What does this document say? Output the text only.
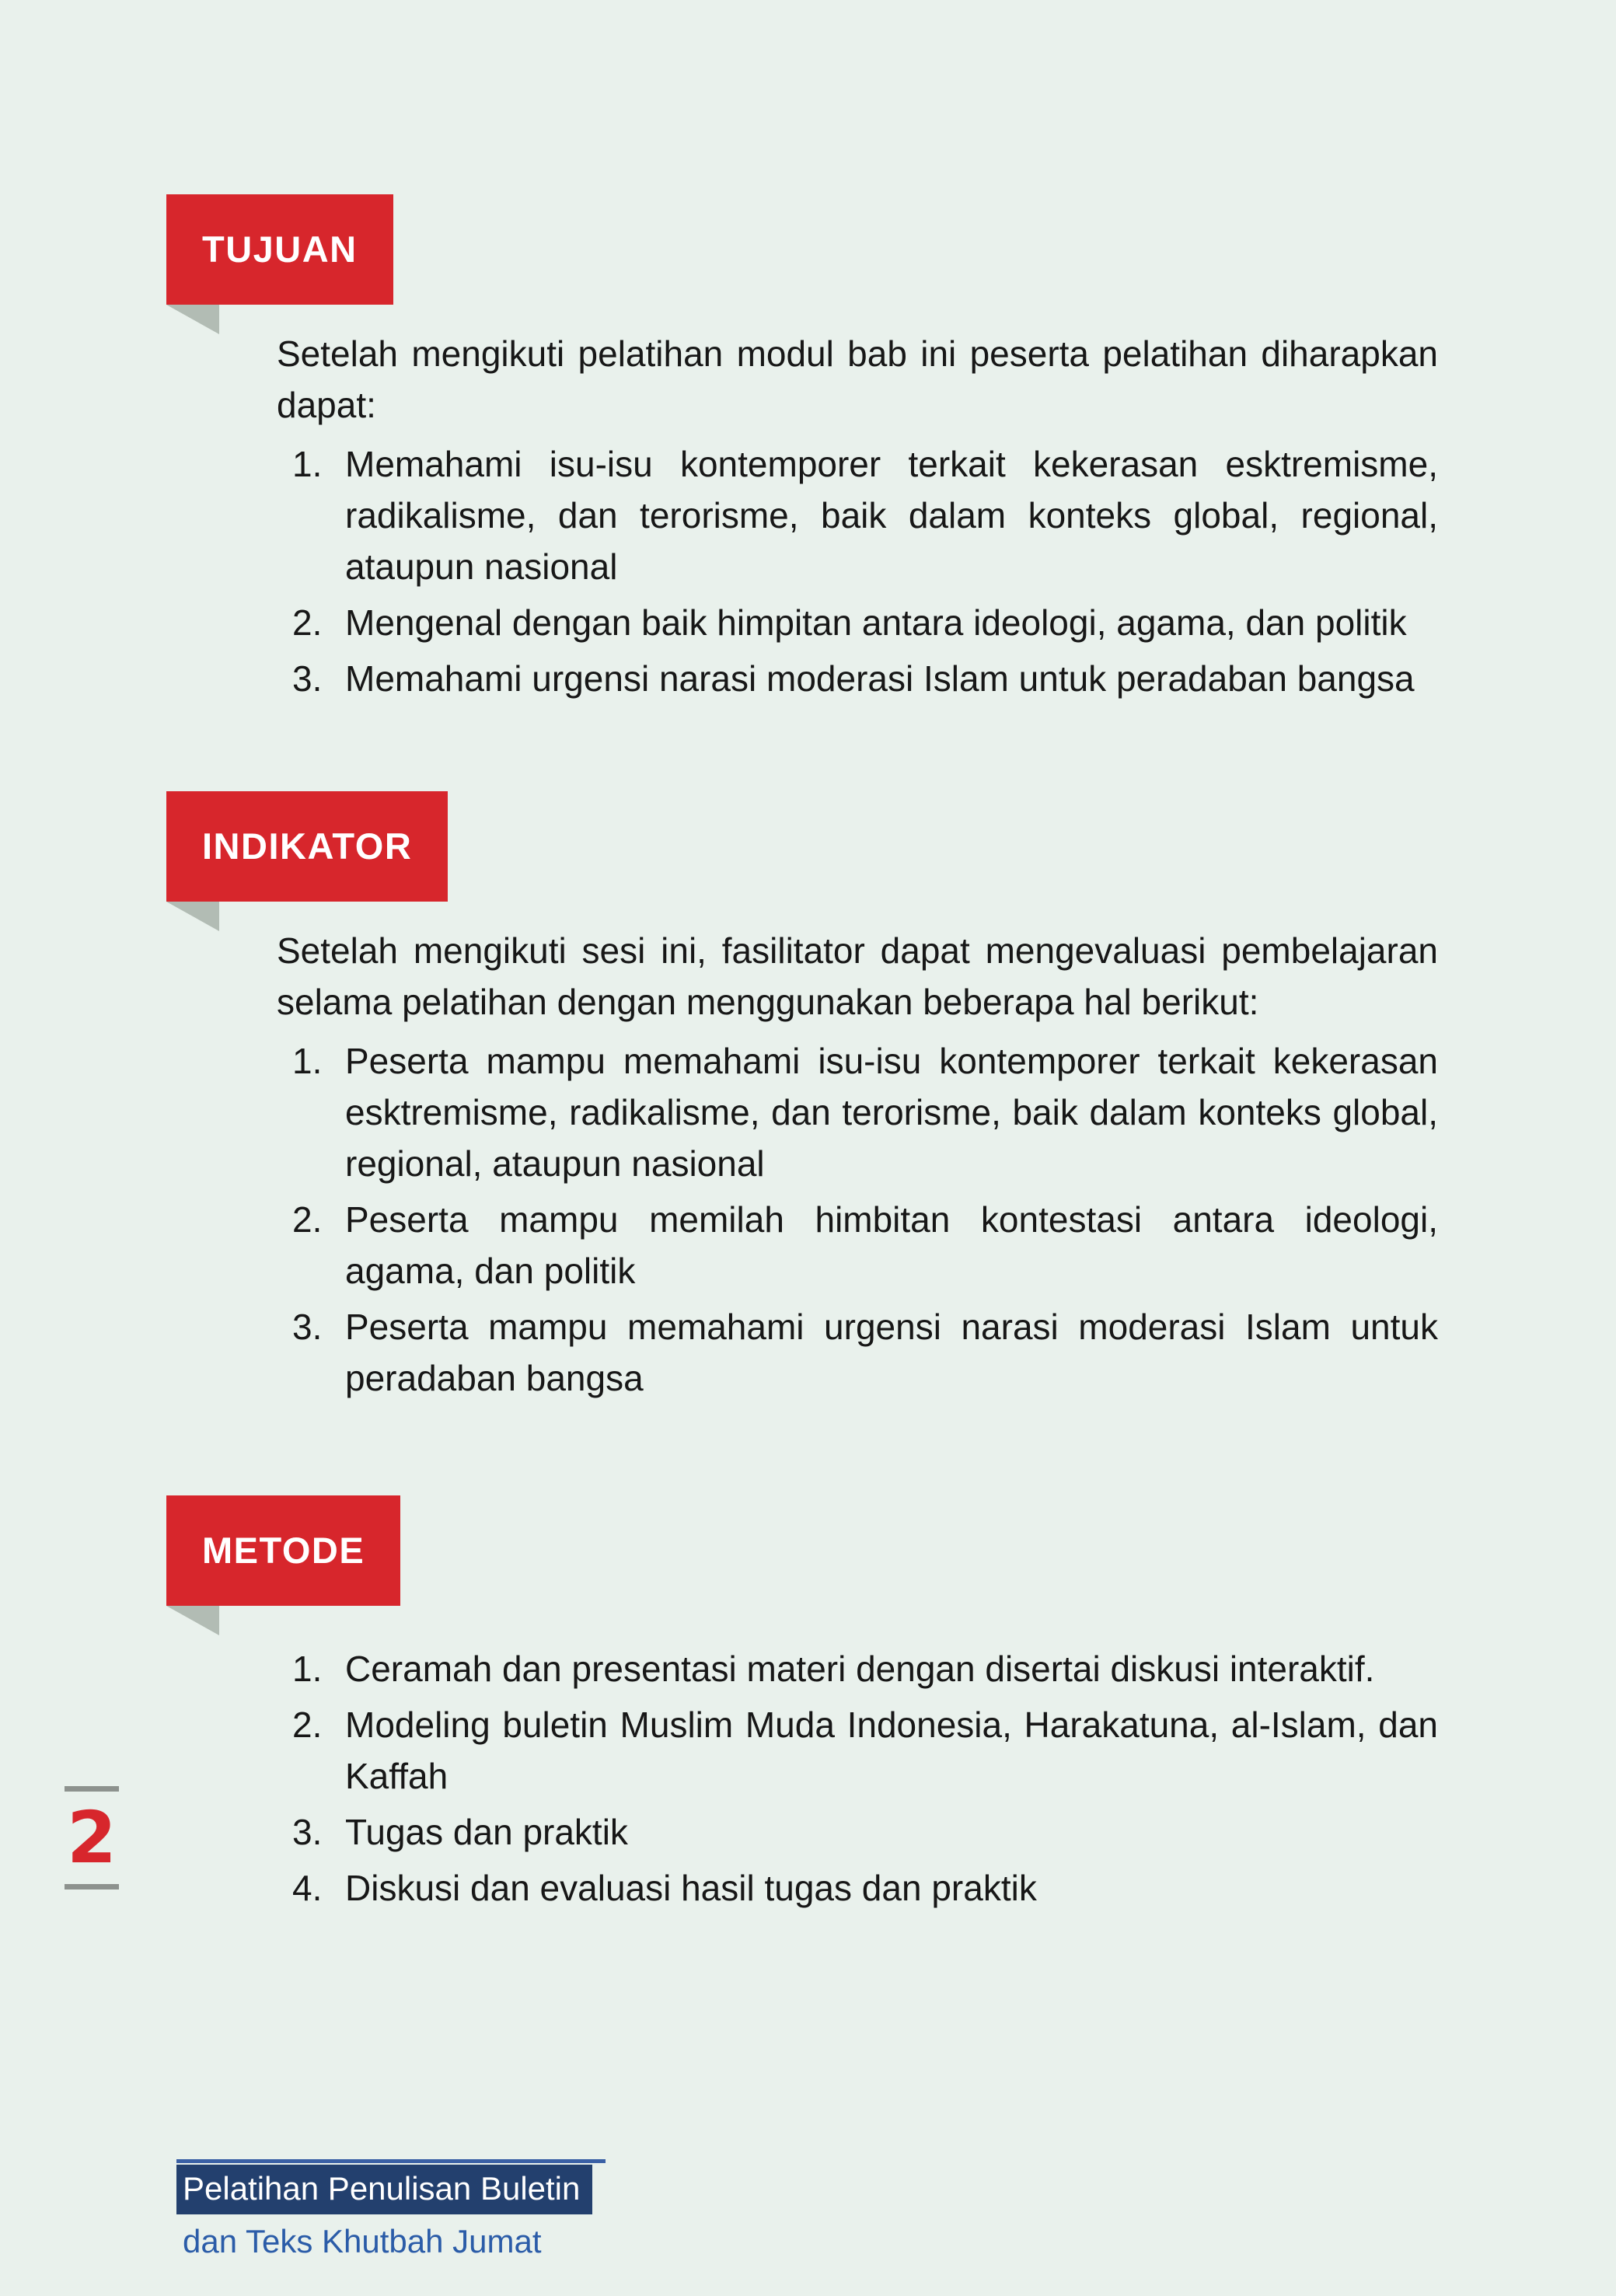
TUJUAN

Setelah mengikuti pelatihan modul bab ini peserta pelatihan diharapkan dapat:

1. Memahami isu-isu kontemporer terkait kekerasan esktremisme, radikalisme, dan terorisme, baik dalam konteks global, regional, ataupun nasional
2. Mengenal dengan baik himpitan antara ideologi, agama, dan politik
3. Memahami urgensi narasi moderasi Islam untuk peradaban bangsa
INDIKATOR

Setelah mengikuti sesi ini, fasilitator dapat mengevaluasi pembelajaran selama pelatihan dengan menggunakan beberapa hal berikut:

1. Peserta mampu memahami isu-isu kontemporer terkait kekerasan esktremisme, radikalisme, dan terorisme, baik dalam konteks global, regional, ataupun nasional
2. Peserta mampu memilah himbitan kontestasi antara ideologi, agama, dan politik
3. Peserta mampu memahami urgensi narasi moderasi Islam untuk peradaban bangsa
METODE
1. Ceramah dan presentasi materi dengan disertai diskusi interaktif.
2. Modeling buletin Muslim Muda Indonesia, Harakatuna, al-Islam, dan Kaffah
3. Tugas dan praktik
4. Diskusi dan evaluasi hasil tugas dan praktik
2
Pelatihan Penulisan Buletin
dan Teks Khutbah Jumat
